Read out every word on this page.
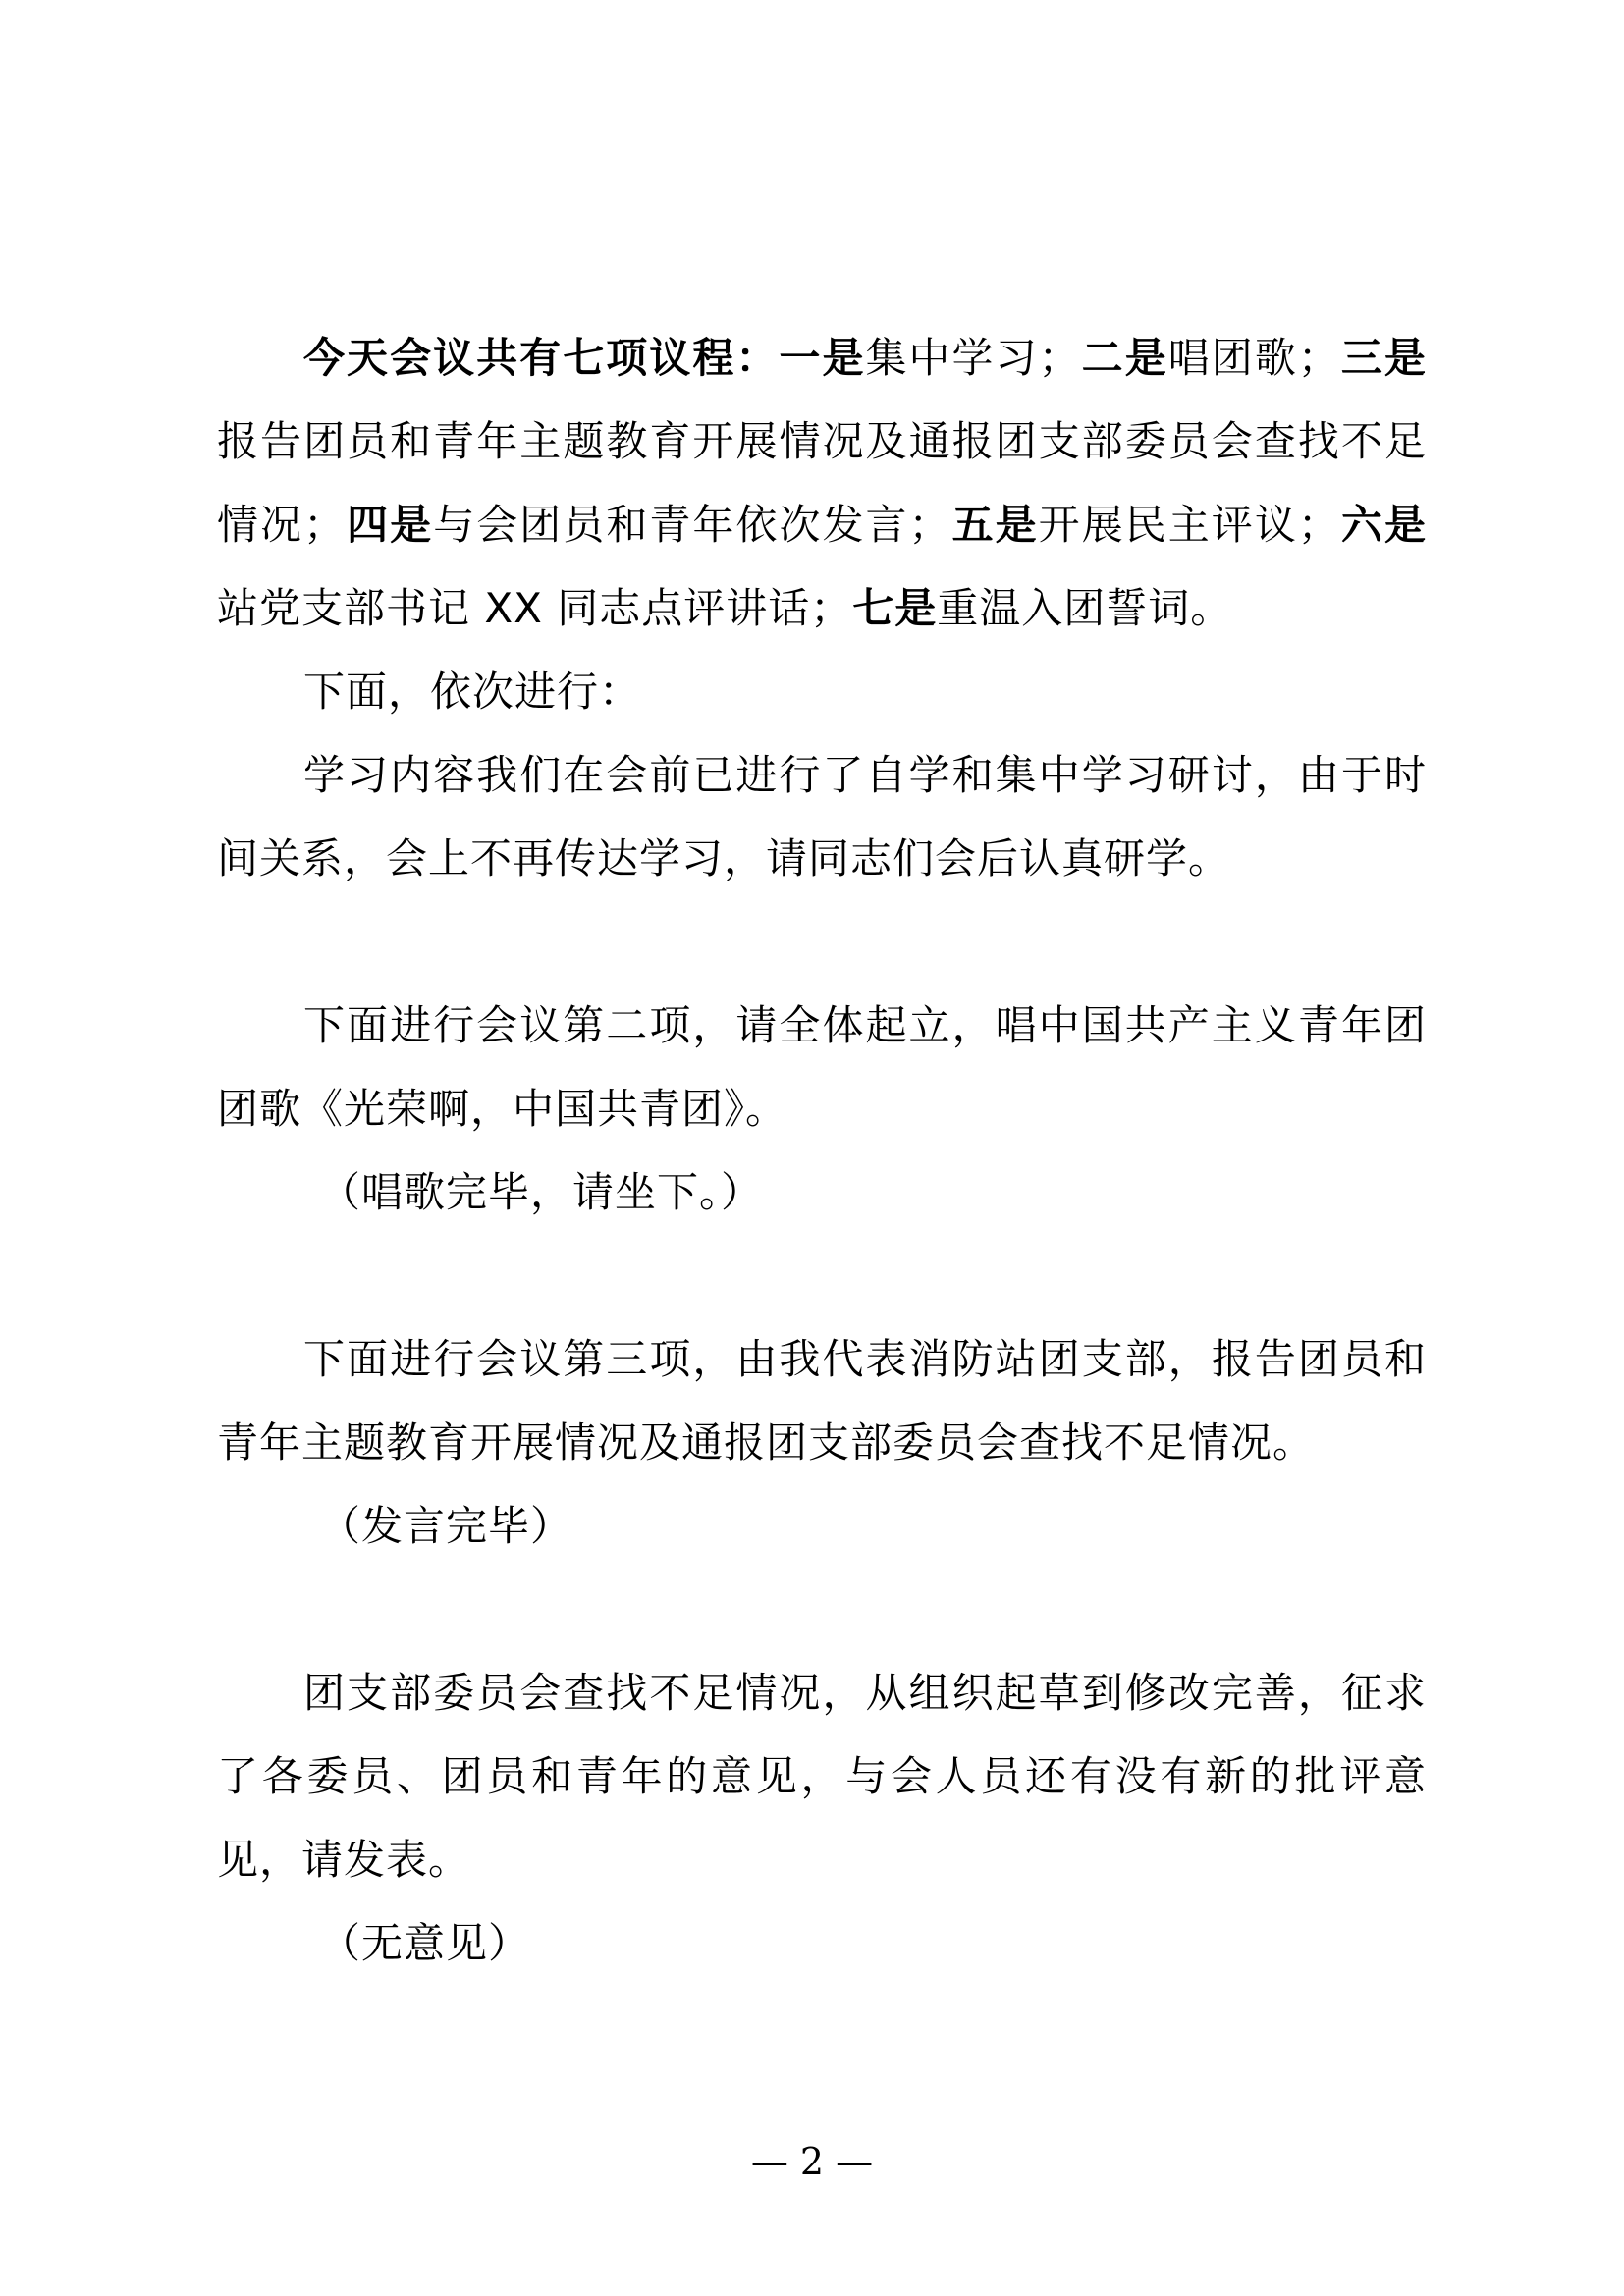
今天会议共有七项议程：一是集中学习；二是唱团歌；三是报告团员和青年主题教育开展情况及通报团支部委员会查找不足情况；四是与会团员和青年依次发言；五是开展民主评议；六是站党支部书记 XX 同志点评讲话；七是重温入团誓词。

下面，依次进行：

学习内容我们在会前已进行了自学和集中学习研讨，由于时间关系，会上不再传达学习，请同志们会后认真研学。

下面进行会议第二项，请全体起立，唱中国共产主义青年团团歌《光荣啊，中国共青团》。

（唱歌完毕，请坐下。）

下面进行会议第三项，由我代表消防站团支部，报告团员和青年主题教育开展情况及通报团支部委员会查找不足情况。

（发言完毕）

团支部委员会查找不足情况，从组织起草到修改完善，征求了各委员、团员和青年的意见，与会人员还有没有新的批评意见，请发表。

（无意见）

— 2 —
